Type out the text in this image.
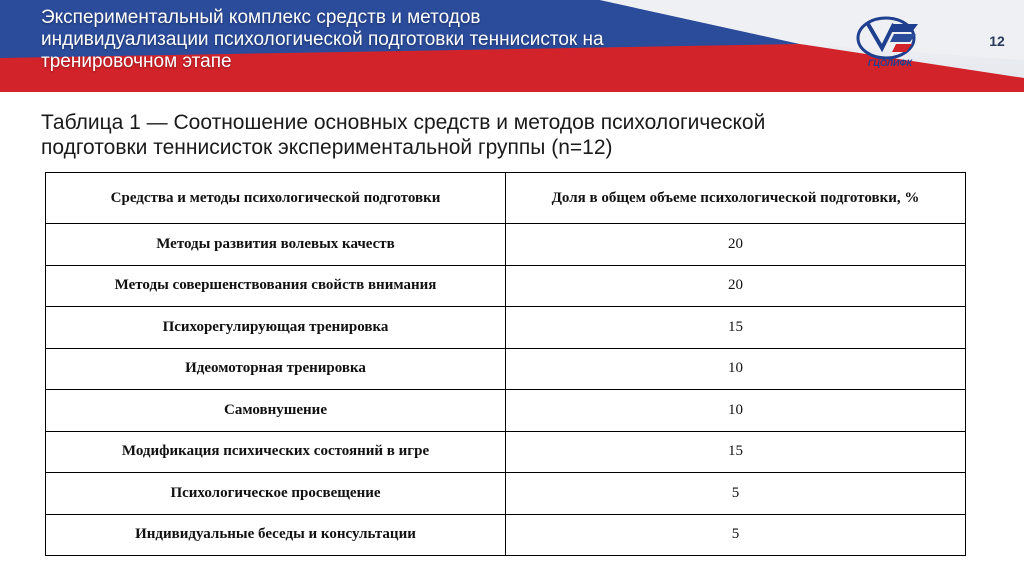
Экспериментальный комплекс средств и методов
индивидуализации психологической подготовки теннисисток на
тренировочном этапе	ГЦОЛИФК
12
Таблица 1 — Соотношение основных средств и методов психологической
подготовки теннисисток экспериментальной группы (n=12)
Средства и методы психологической подготовки	Доля в общем объеме психологической подготовки, %
Методы развития волевых качеств	20
Методы совершенствования свойств внимания	20
Психорегулирующая тренировка	15
Идеомоторная тренировка	10
Самовнушение	10
Модификация психических состояний в игре	15
Психологическое просвещение	5
Индивидуальные беседы и консультации	5
